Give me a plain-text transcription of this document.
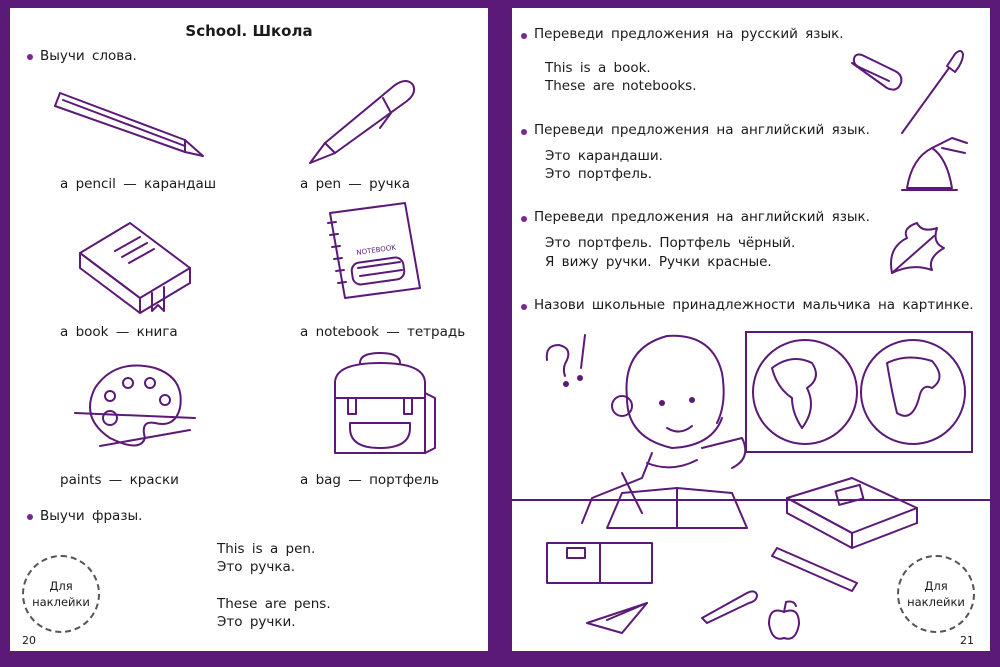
School. Школа
Выучи слова.
a pencil — карандаш	a pen — ручка
NOTEBOOK
a book — книга	a notebook — тетрадь
paints — краски	a bag — портфель
Выучи фразы.
This is a pen.
Это ручка.
These are pens.
Это ручки.
Для
наклейки
20
Переведи предложения на русский язык.
This is a book.
These are notebooks.
Переведи предложения на английский язык.
Это карандаши.
Это портфель.
Переведи предложения на английский язык.
Это портфель. Портфель чёрный.
Я вижу ручки. Ручки красные.
Назови школьные принадлежности мальчика на картинке.
Для
наклейки
21
